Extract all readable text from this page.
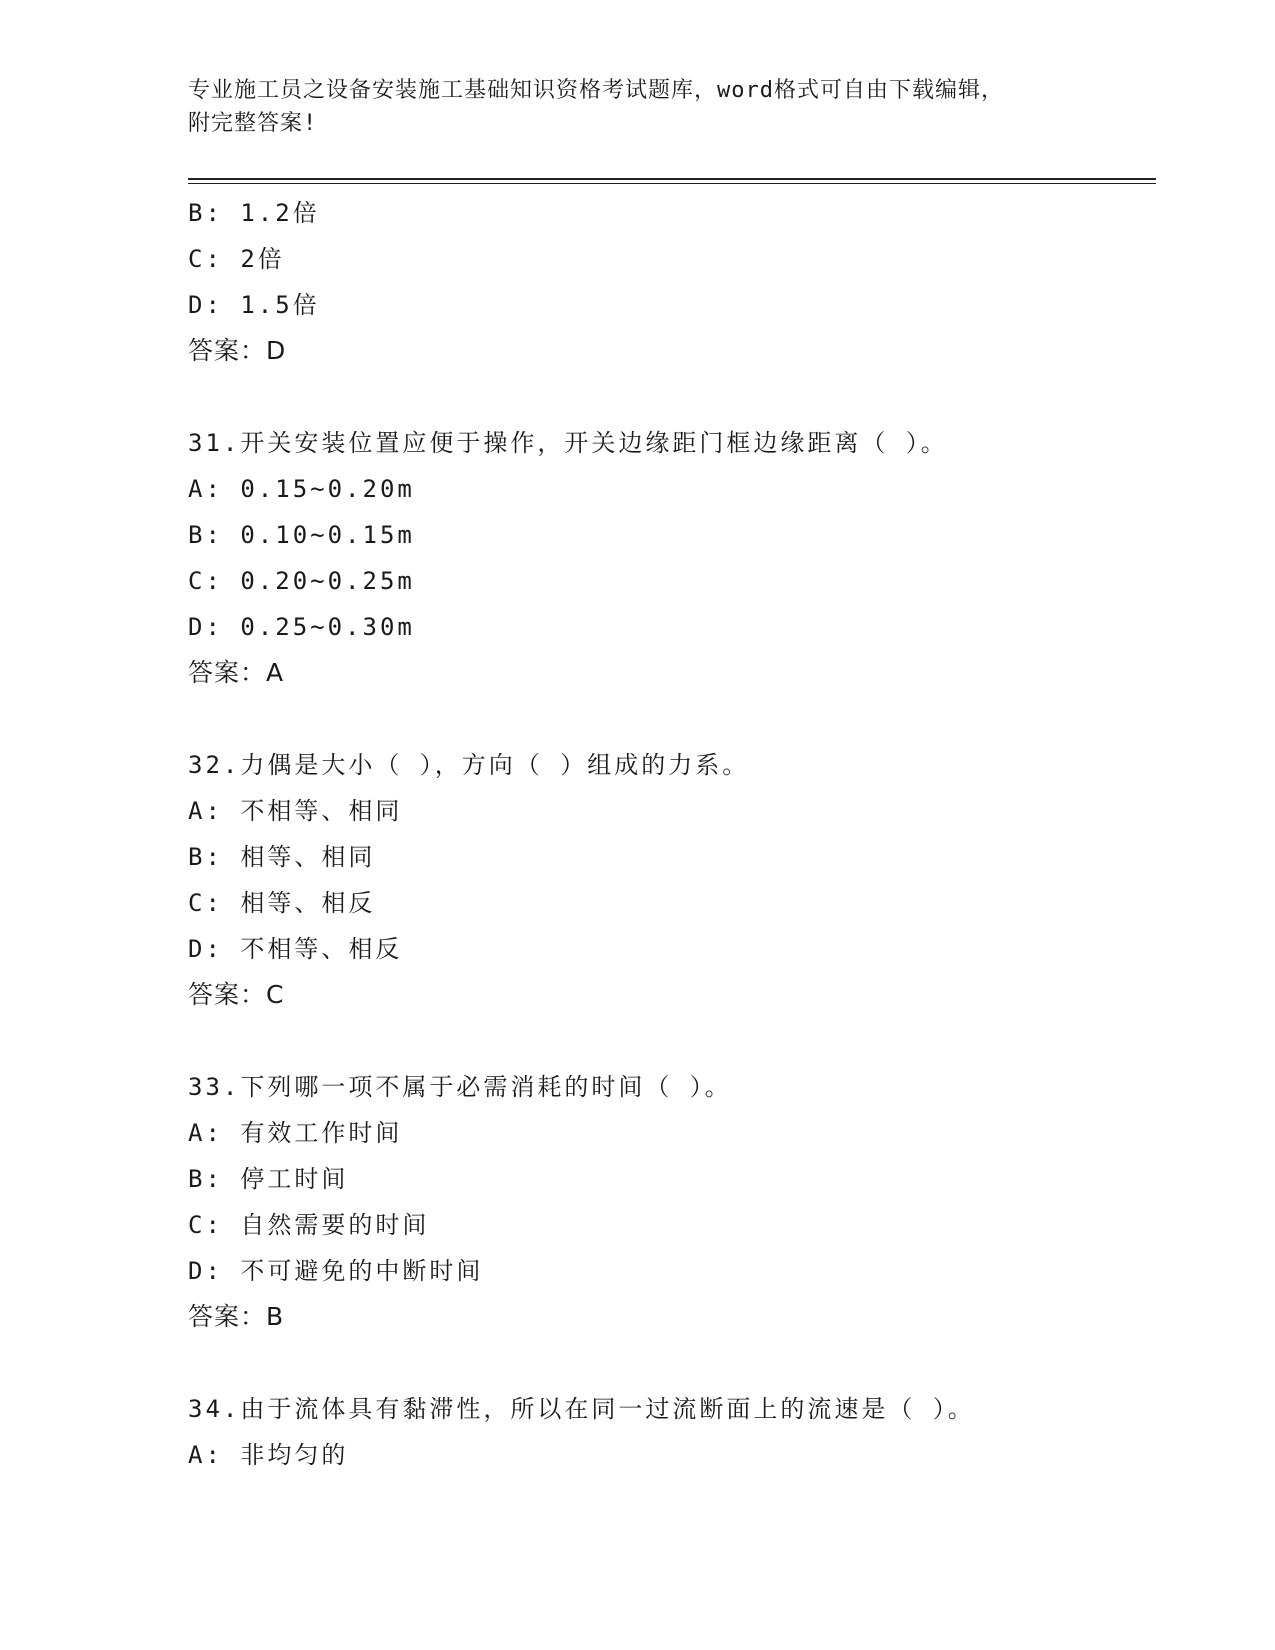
专业施工员之设备安装施工基础知识资格考试题库，word格式可自由下载编辑，
附完整答案!
B: 1.2倍
C: 2倍
D: 1.5倍
答案：D
31.开关安装位置应便于操作，开关边缘距门框边缘距离（ ）。
A: 0.15~0.20m
B: 0.10~0.15m
C: 0.20~0.25m
D: 0.25~0.30m
答案：A
32.力偶是大小（ ），方向（ ）组成的力系。
A: 不相等、相同
B: 相等、相同
C: 相等、相反
D: 不相等、相反
答案：C
33.下列哪一项不属于必需消耗的时间（ ）。
A: 有效工作时间
B: 停工时间
C: 自然需要的时间
D: 不可避免的中断时间
答案：B
34.由于流体具有黏滞性，所以在同一过流断面上的流速是（ ）。
A: 非均匀的
